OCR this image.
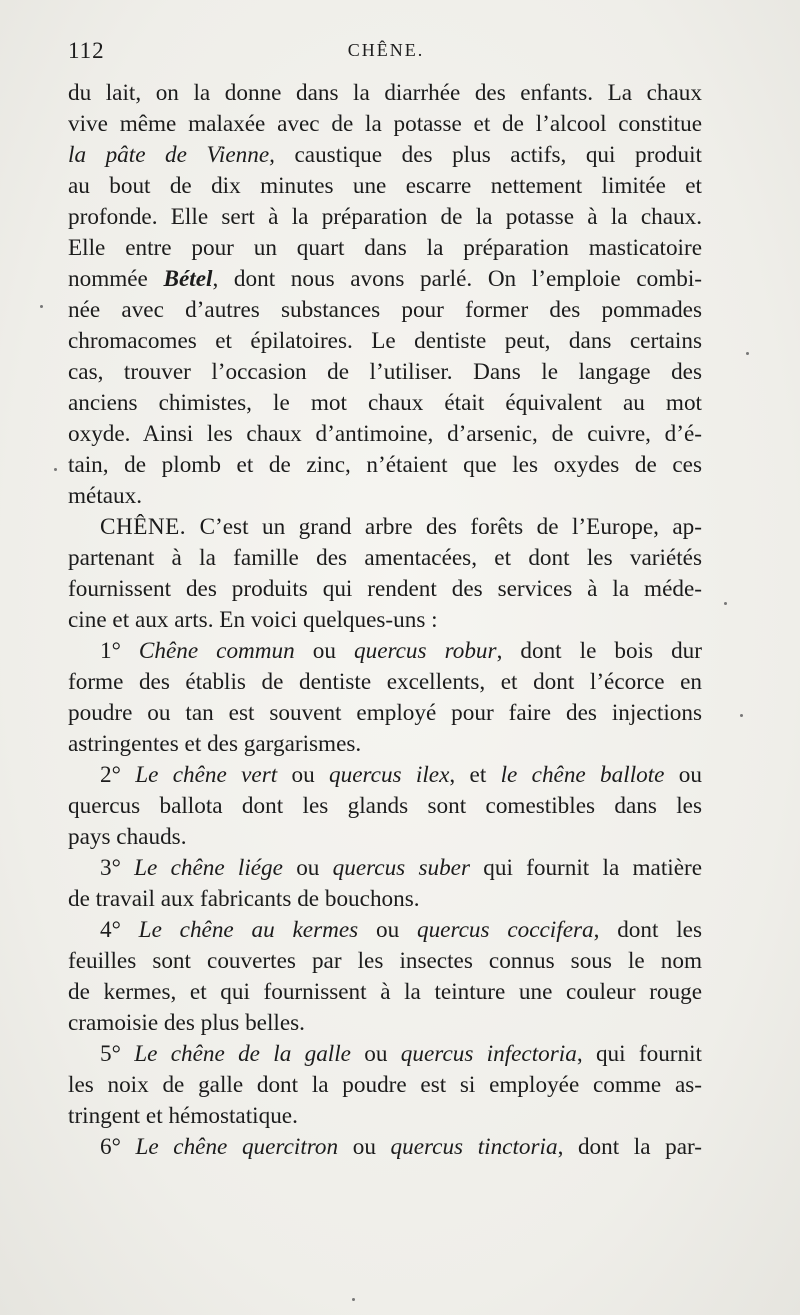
112	CHÊNE.
du lait, on la donne dans la diarrhée des enfants. La chaux
vive même malaxée avec de la potasse et de l’alcool constitue
la pâte de Vienne, caustique des plus actifs, qui produit
au bout de dix minutes une escarre nettement limitée et
profonde. Elle sert à la préparation de la potasse à la chaux.
Elle entre pour un quart dans la préparation masticatoire
nommée Bétel, dont nous avons parlé. On l’emploie combi-
née avec d’autres substances pour former des pommades
chromacomes et épilatoires. Le dentiste peut, dans certains
cas, trouver l’occasion de l’utiliser. Dans le langage des
anciens chimistes, le mot chaux était équivalent au mot
oxyde. Ainsi les chaux d’antimoine, d’arsenic, de cuivre, d’é-
tain, de plomb et de zinc, n’étaient que les oxydes de ces
métaux.
CHÊNE. C’est un grand arbre des forêts de l’Europe, ap-
partenant à la famille des amentacées, et dont les variétés
fournissent des produits qui rendent des services à la méde-
cine et aux arts. En voici quelques-uns :
1° Chêne commun ou quercus robur, dont le bois dur
forme des établis de dentiste excellents, et dont l’écorce en
poudre ou tan est souvent employé pour faire des injections
astringentes et des gargarismes.
2° Le chêne vert ou quercus ilex, et le chêne ballote ou
quercus ballota dont les glands sont comestibles dans les
pays chauds.
3° Le chêne liége ou quercus suber qui fournit la matière
de travail aux fabricants de bouchons.
4° Le chêne au kermes ou quercus coccifera, dont les
feuilles sont couvertes par les insectes connus sous le nom
de kermes, et qui fournissent à la teinture une couleur rouge
cramoisie des plus belles.
5° Le chêne de la galle ou quercus infectoria, qui fournit
les noix de galle dont la poudre est si employée comme as-
tringent et hémostatique.
6° Le chêne quercitron ou quercus tinctoria, dont la par-
